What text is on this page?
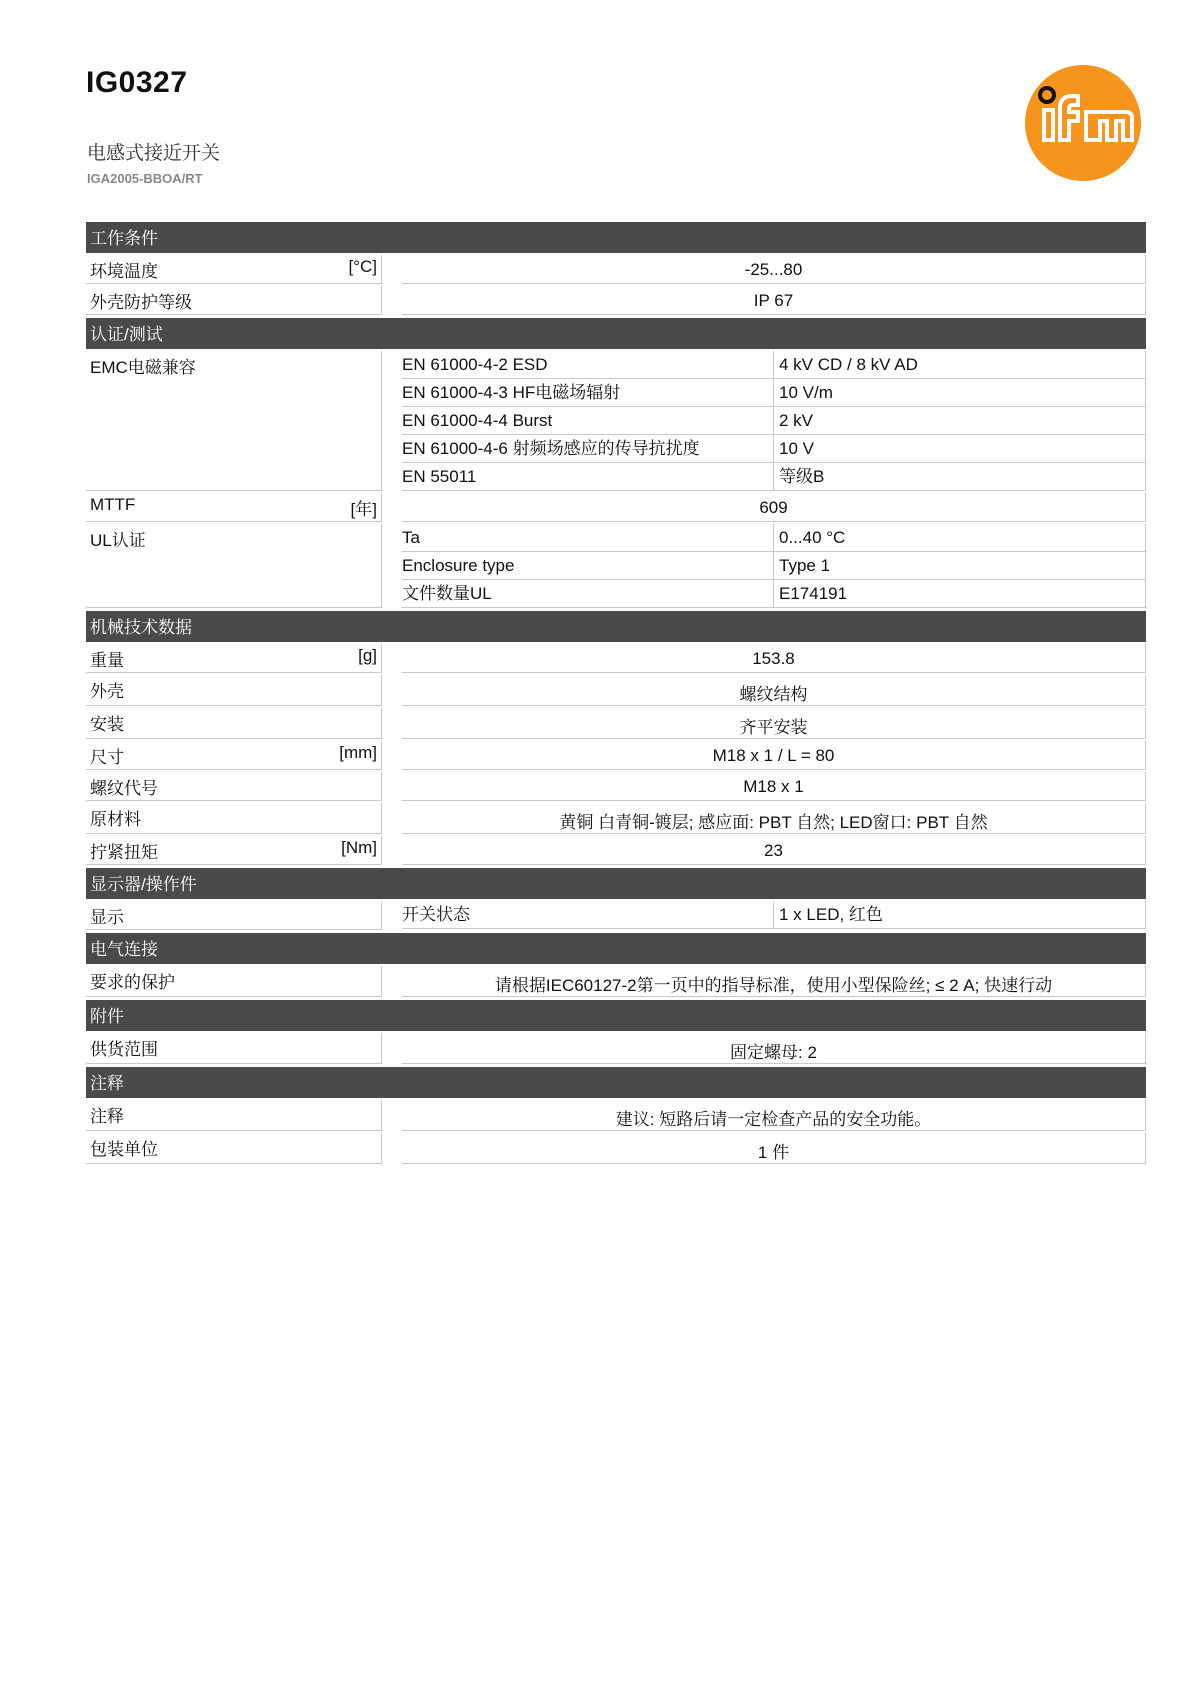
IG0327
电感式接近开关
IGA2005-BBOA/RT
ifm
工作条件
环境温度	[°C]	-25...80
外壳防护等级	IP 67
认证/测试
EMC电磁兼容	EN 61000-4-2 ESD	4 kV CD / 8 kV AD
EN 61000-4-3 HF电磁场辐射	10 V/m
EN 61000-4-4 Burst	2 kV
EN 61000-4-6 射频场感应的传导抗扰度	10 V
EN 55011	等级B
MTTF	[年]	609
UL认证	Ta	0...40 °C
Enclosure type	Type 1
文件数量UL	E174191
机械技术数据
重量	[g]	153.8
外壳	螺纹结构
安装	齐平安装
尺寸	[mm]	M18 x 1 / L = 80
螺纹代号	M18 x 1
原材料	黄铜 白青铜-镀层; 感应面: PBT 自然; LED窗口: PBT 自然
拧紧扭矩	[Nm]	23
显示器/操作件
显示	开关状态	1 x LED, 红色
电气连接
要求的保护	请根据IEC60127-2第一页中的指导标准，使用小型保险丝; ≤ 2 A; 快速行动
附件
供货范围	固定螺母: 2
注释
注释	建议: 短路后请一定检查产品的安全功能。
包装单位	1 件
